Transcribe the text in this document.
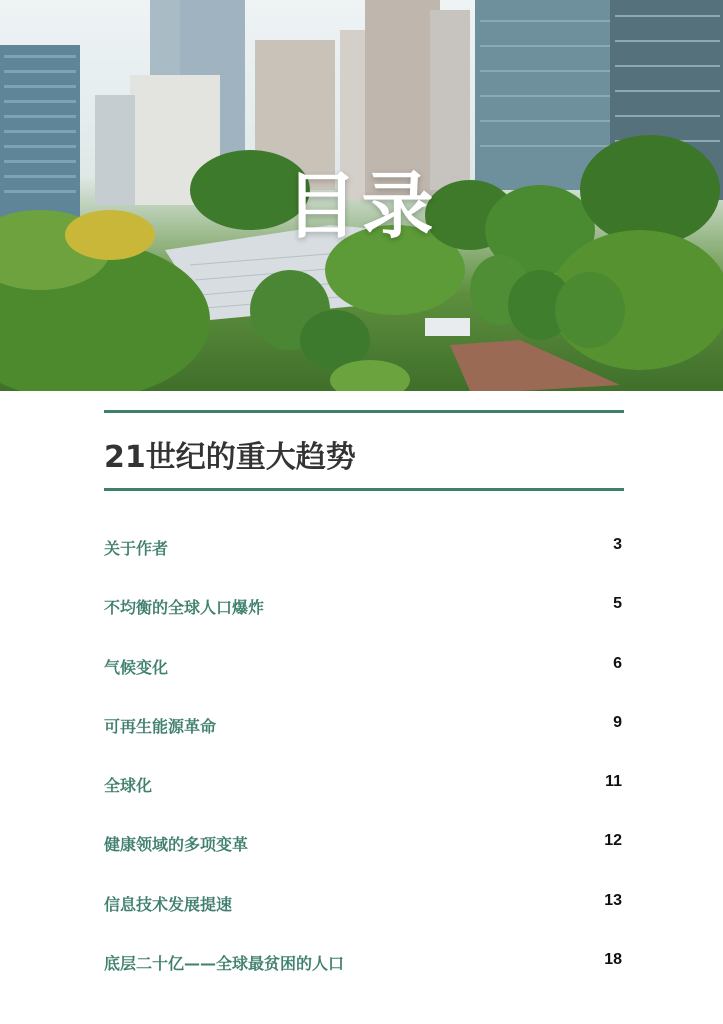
目录
21世纪的重大趋势
关于作者	3
不均衡的全球人口爆炸	5
气候变化	6
可再生能源革命	9
全球化	11
健康领域的多项变革	12
信息技术发展提速	13
底层二十亿——全球最贫困的人口	18
